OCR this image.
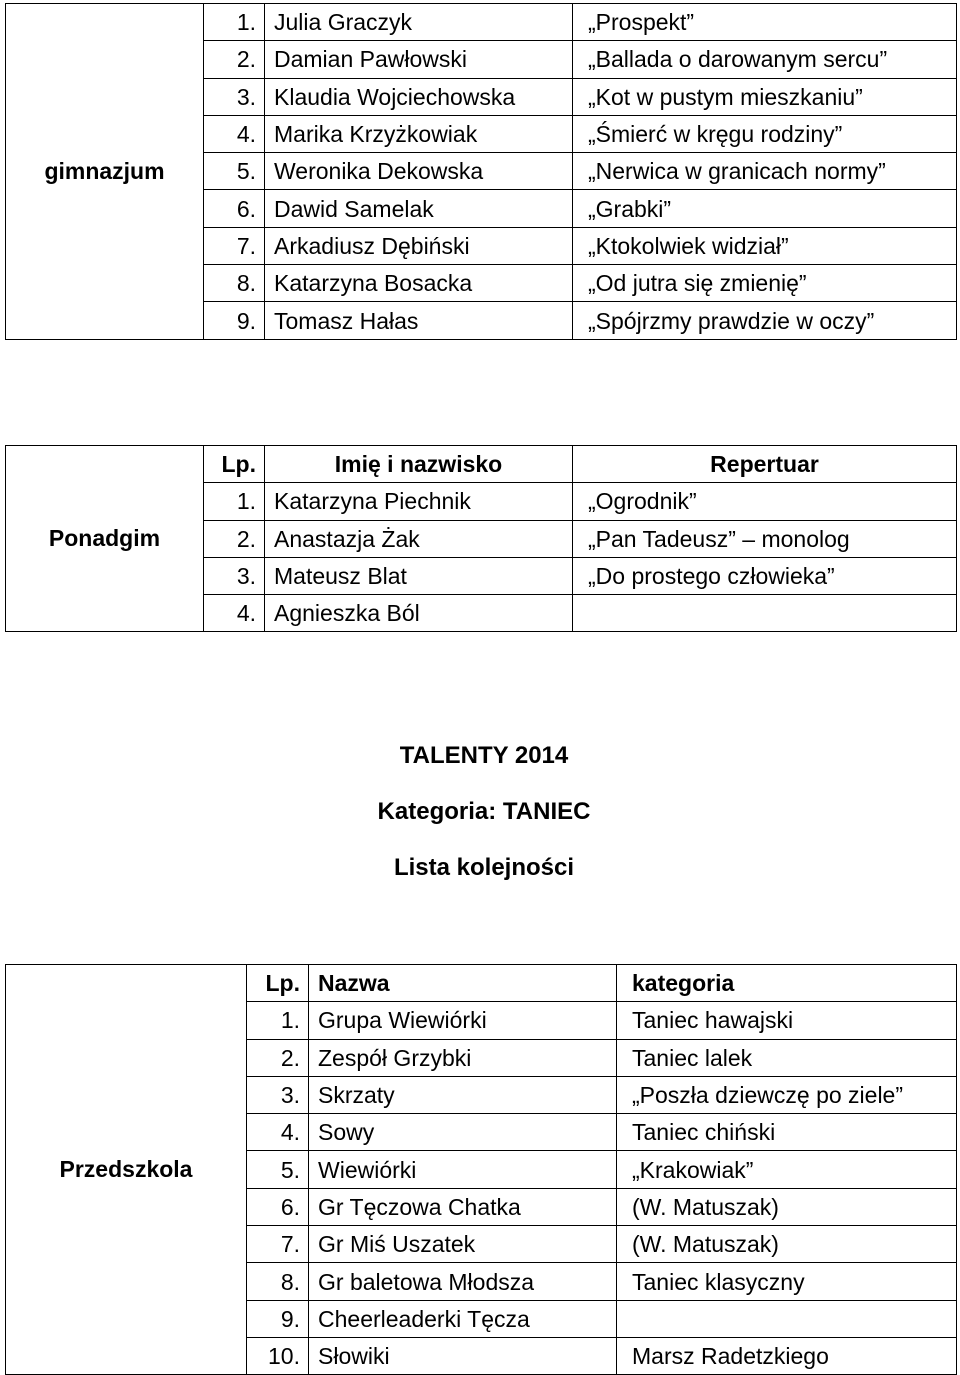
gimnazjum	1.	Julia Graczyk	„Prospekt”
	2.	Damian Pawłowski	„Ballada o darowanym sercu”
	3.	Klaudia Wojciechowska	„Kot w pustym mieszkaniu”
	4.	Marika Krzyżkowiak	„Śmierć w kręgu rodziny”
	5.	Weronika Dekowska	„Nerwica w granicach normy”
	6.	Dawid Samelak	„Grabki”
	7.	Arkadiusz Dębiński	„Ktokolwiek widział”
	8.	Katarzyna Bosacka	„Od jutra się zmienię”
	9.	Tomasz Hałas	„Spójrzmy prawdzie w oczy”
Ponadgim	Lp.	Imię i nazwisko	Repertuar
	1.	Katarzyna Piechnik	„Ogrodnik”
	2.	Anastazja Żak	„Pan Tadeusz” – monolog
	3.	Mateusz Blat	„Do prostego człowieka”
	4.	Agnieszka Ból	
TALENTY 2014
Kategoria: TANIEC
Lista kolejności
Przedszkola	Lp.	Nazwa	kategoria
	1.	Grupa Wiewiórki	Taniec hawajski
	2.	Zespół Grzybki	Taniec lalek
	3.	Skrzaty	„Poszła dziewczę po ziele”
	4.	Sowy	Taniec chiński
	5.	Wiewiórki	„Krakowiak”
	6.	Gr Tęczowa Chatka	(W. Matuszak)
	7.	Gr Miś Uszatek	(W. Matuszak)
	8.	Gr baletowa Młodsza	Taniec klasyczny
	9.	Cheerleaderki Tęcza	
	10.	Słowiki	Marsz Radetzkiego
